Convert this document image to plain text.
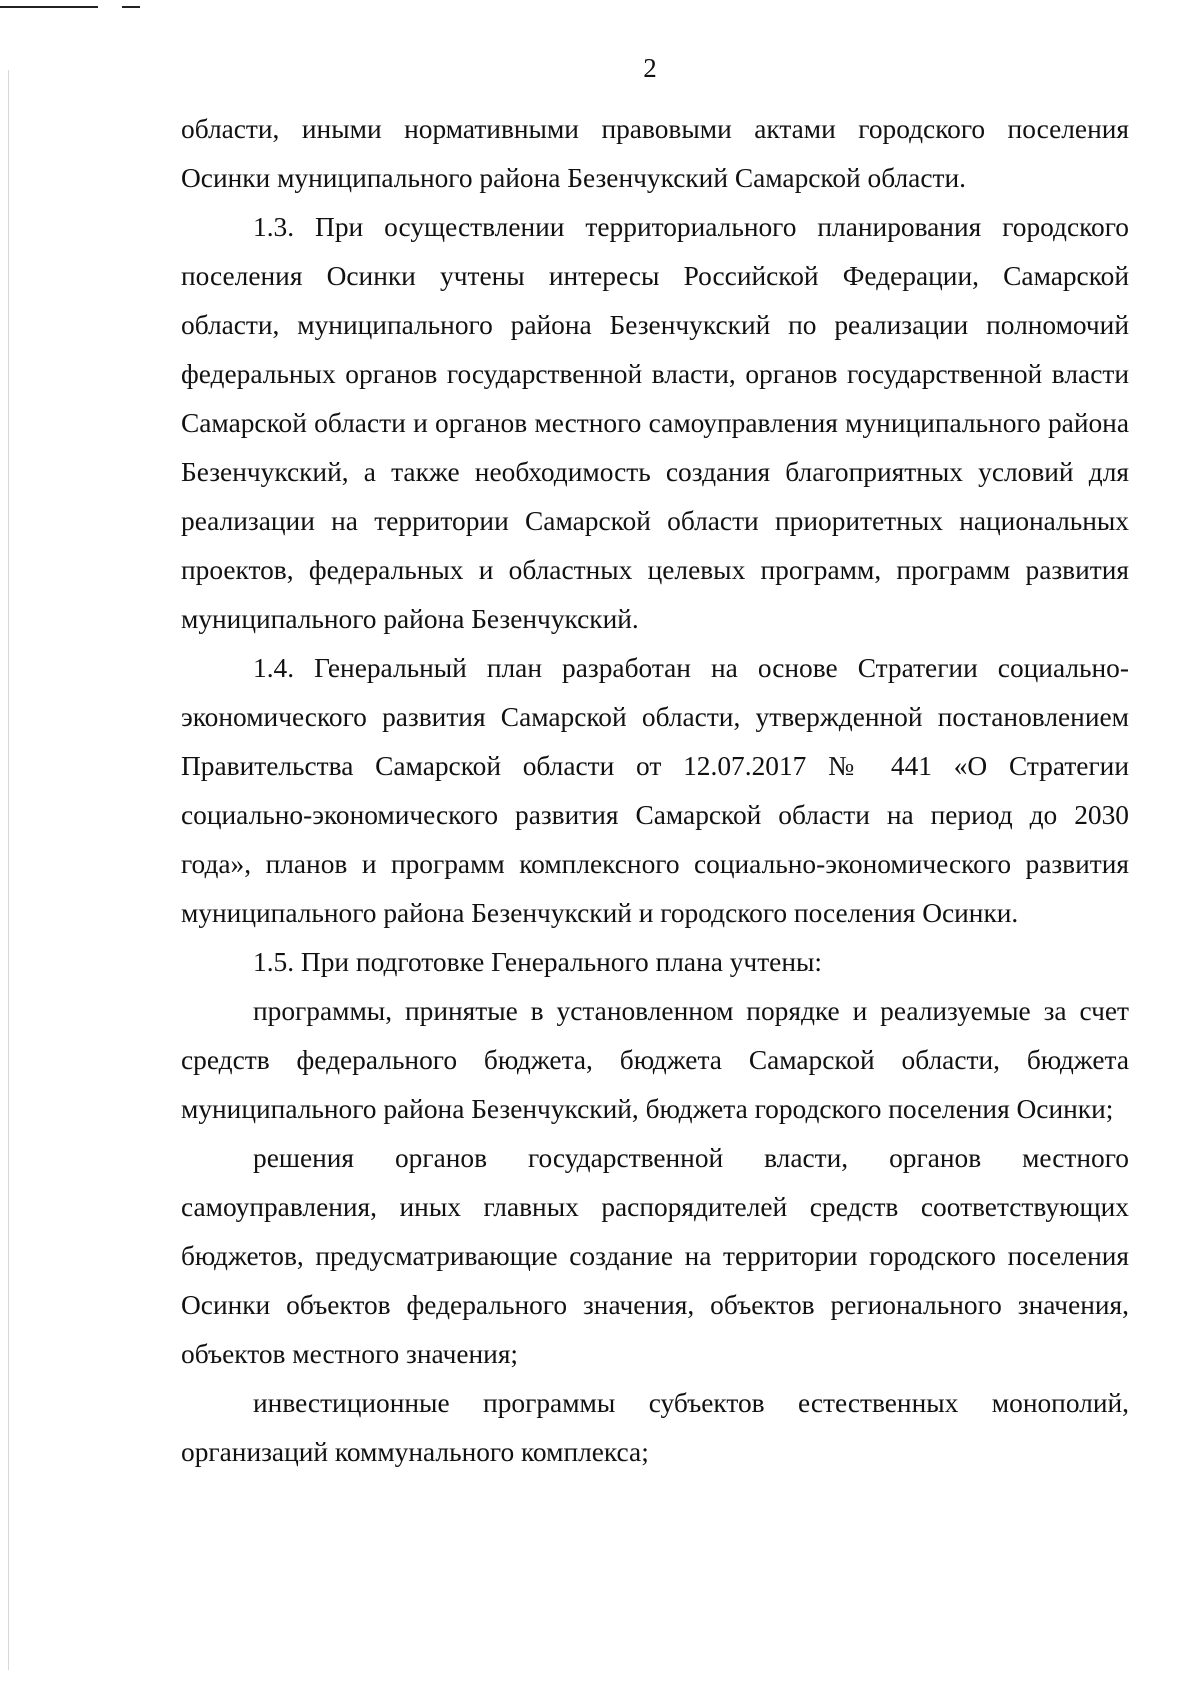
2

области, иными нормативными правовыми актами городского поселения Осинки муниципального района Безенчукский Самарской области.

1.3. При осуществлении территориального планирования городского поселения Осинки учтены интересы Российской Федерации, Самарской области, муниципального района Безенчукский по реализации полномочий федеральных органов государственной власти, органов государственной власти Самарской области и органов местного самоуправления муниципального района Безенчукский, а также необходимость создания благоприятных условий для реализации на территории Самарской области приоритетных национальных проектов, федеральных и областных целевых программ, программ развития муниципального района Безенчукский.

1.4. Генеральный план разработан на основе Стратегии социально-экономического развития Самарской области, утвержденной постановлением Правительства Самарской области от 12.07.2017 № 441 «О Стратегии социально-экономического развития Самарской области на период до 2030 года», планов и программ комплексного социально-экономического развития муниципального района Безенчукский и городского поселения Осинки.

1.5. При подготовке Генерального плана учтены:

программы, принятые в установленном порядке и реализуемые за счет средств федерального бюджета, бюджета Самарской области, бюджета муниципального района Безенчукский, бюджета городского поселения Осинки;

решения органов государственной власти, органов местного самоуправления, иных главных распорядителей средств соответствующих бюджетов, предусматривающие создание на территории городского поселения Осинки объектов федерального значения, объектов регионального значения, объектов местного значения;

инвестиционные программы субъектов естественных монополий, организаций коммунального комплекса;
